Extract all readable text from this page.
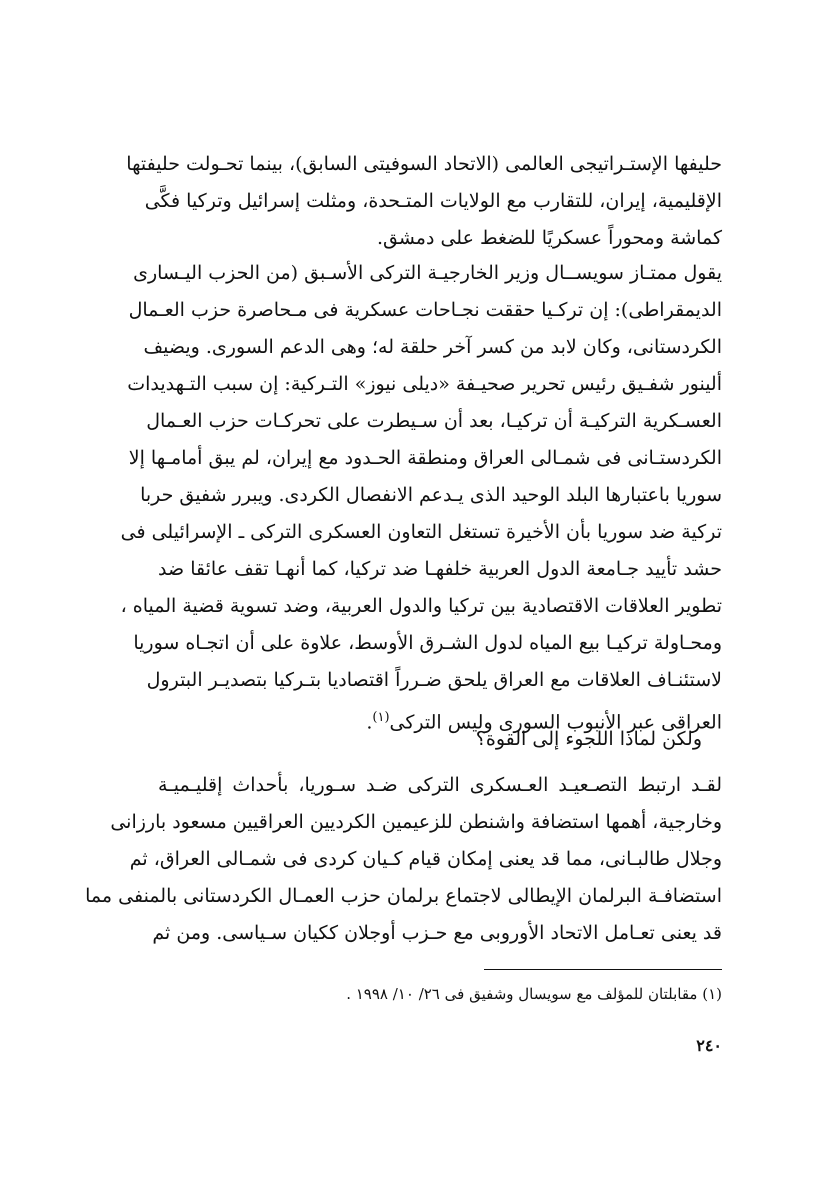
حليفها الإستـراتيجى العالمى (الاتحاد السوفيتى السابق)، بينما تحـولت حليفتها
الإقليمية، إيران، للتقارب مع الولايات المتـحدة، ومثلت إسرائيل وتركيا فكَّى
كماشة ومحوراً عسكريًا للضغط على دمشق.
يقول ممتـاز سويســال وزير الخارجيـة التركى الأسـبق (من الحزب اليـسارى
الديمقراطى): إن تركـيا حققت نجـاحات عسكرية فى مـحاصرة حزب العـمال
الكردستانى، وكان لابد من كسر آخر حلقة له؛ وهى الدعم السورى. ويضيف
ألينور شفـيق رئيس تحرير صحيـفة «ديلى نيوز» التـركية: إن سبب التـهديدات
العسـكرية التركيـة أن تركيـا، بعد أن سـيطرت على تحركـات حزب العـمال
الكردستـانى فى شمـالى العراق ومنطقة الحـدود مع إيران، لم يبق أمامـها إلا
سوريا باعتبارها البلد الوحيد الذى يـدعم الانفصال الكردى. ويبرر شفيق حربا
تركية ضد سوريا بأن الأخيرة تستغل التعاون العسكرى التركى ـ الإسرائيلى فى
حشد تأييد جـامعة الدول العربية خلفهـا ضد تركيا، كما أنهـا تقف عائقا ضد
تطوير العلاقات الاقتصادية بين تركيا والدول العربية، وضد تسوية قضية المياه ،
ومحـاولة تركيـا بيع المياه لدول الشـرق الأوسط، علاوة على أن اتجـاه سوريا
لاستئنـاف العلاقات مع العراق يلحق ضـرراً اقتصاديا بتـركيا بتصديـر البترول
العراقى عبر الأنبوب السورى وليس التركى$^{(١)}$.
ولكن لماذا اللجوء إلى القوة؟
لقـد ارتبط التصـعيـد العـسكرى التركى ضـد سـوريا، بأحداث إقليـميـة
وخارجية، أهمها استضافة واشنطن للزعيمين الكرديين العراقيين مسعود بارزانى
وجلال طالبـانى، مما قد يعنى إمكان قيام كـيان كردى فى شمـالى العراق، ثم
استضافـة البرلمان الإيطالى لاجتماع برلمان حزب العمـال الكردستانى بالمنفى مما
قد يعنى تعـامل الاتحاد الأوروبى مع حـزب أوجلان ككيان سـياسى. ومن ثم
(١) مقابلتان للمؤلف مع سويسال وشفيق فى ٢٦/ ١٠/ ١٩٩٨ .
٢٤٠
